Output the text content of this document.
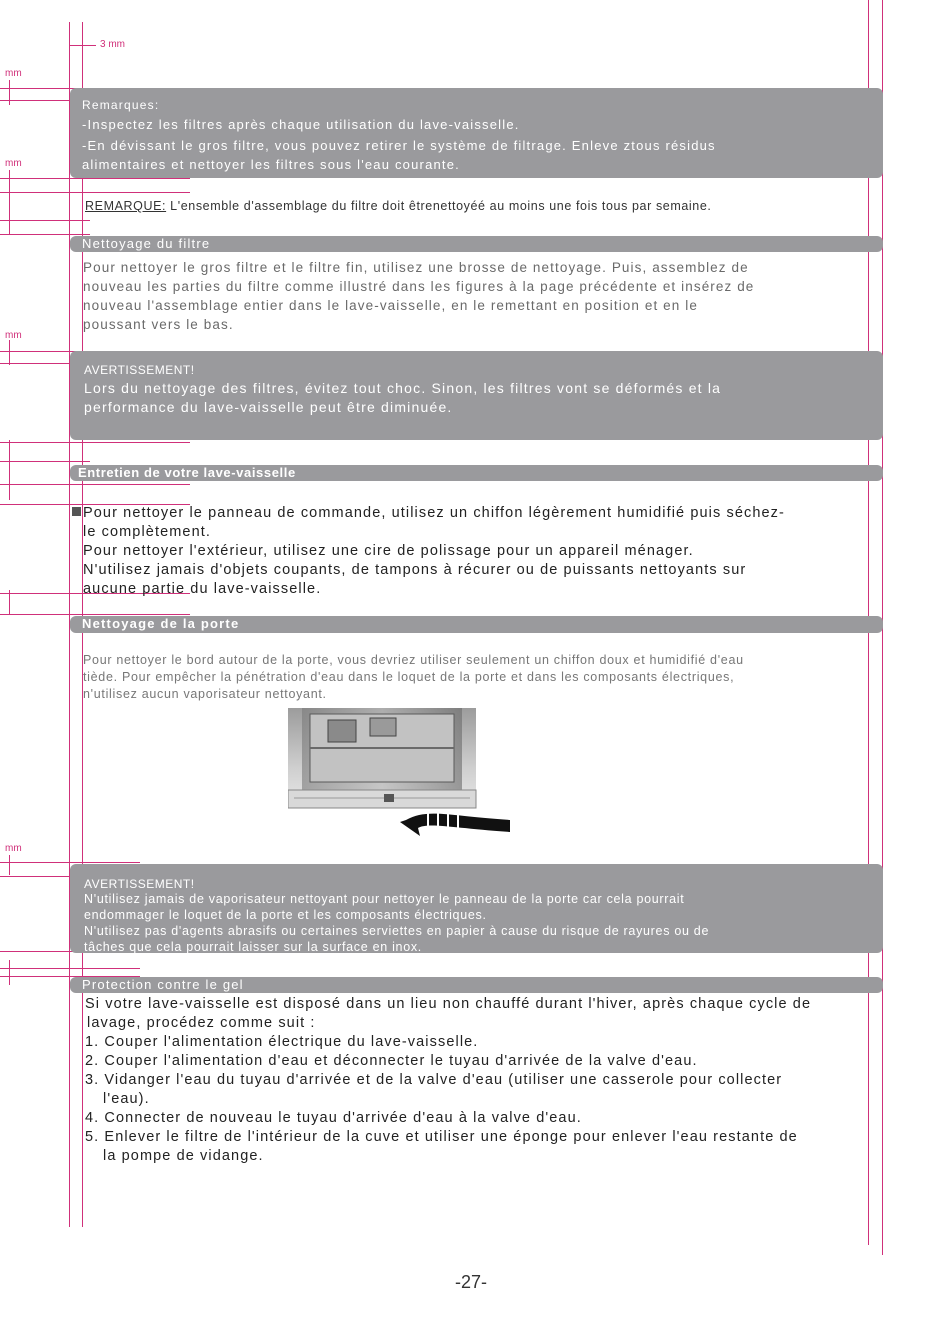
3 mm
mm
mm
mm
mm
Remarques:
-Inspectez les filtres après chaque utilisation du lave-vaisselle.
-En dévissant le gros filtre, vous pouvez retirer le système de filtrage. Enleve ztous résidus
alimentaires et nettoyer les filtres sous l'eau courante.
REMARQUE: L'ensemble d'assemblage du filtre doit êtrenettoyéé au moins une fois tous par semaine.
Nettoyage du filtre
Pour nettoyer le gros filtre et le filtre fin, utilisez une brosse de nettoyage. Puis, assemblez de
nouveau les parties du filtre comme illustré dans les figures à la page précédente et insérez de
nouveau l'assemblage entier dans le lave-vaisselle, en le remettant en position et en le
poussant vers le bas.
AVERTISSEMENT!
Lors du nettoyage des filtres, évitez tout choc. Sinon, les filtres vont se déformés et la
performance du lave-vaisselle peut être diminuée.
Entretien de votre lave-vaisselle
Pour nettoyer le panneau de commande, utilisez un chiffon légèrement humidifié puis séchez-
le complètement.
Pour nettoyer l'extérieur, utilisez une cire de polissage pour un appareil ménager.
N'utilisez jamais d'objets coupants, de tampons à récurer ou de puissants nettoyants sur
aucune partie du lave-vaisselle.
Nettoyage de la porte
Pour nettoyer le bord autour de la porte, vous devriez utiliser seulement un chiffon doux et humidifié d'eau
tiède. Pour empêcher la pénétration d'eau dans le loquet de la porte et dans les composants électriques,
n'utilisez aucun vaporisateur nettoyant.
AVERTISSEMENT!
N'utilisez jamais de vaporisateur nettoyant pour nettoyer le panneau de la porte car cela pourrait
endommager le loquet de la porte et les composants électriques.
N'utilisez pas d'agents abrasifs ou certaines serviettes en papier à cause du risque de rayures ou de
tâches que cela pourrait laisser sur la surface en inox.
Protection contre le gel
Si votre lave-vaisselle est disposé dans un lieu non chauffé durant l'hiver, après chaque cycle de
lavage, procédez comme suit :
1. Couper l'alimentation électrique du lave-vaisselle.
2. Couper l'alimentation d'eau et déconnecter le tuyau d'arrivée de la valve d'eau.
3. Vidanger l'eau du tuyau d'arrivée et de la valve d'eau (utiliser une casserole pour collecter
l'eau).
4. Connecter de nouveau le tuyau d'arrivée d'eau à la valve d'eau.
5. Enlever le filtre de l'intérieur de la cuve et utiliser une éponge pour enlever l'eau restante de
la pompe de vidange.
-27-
